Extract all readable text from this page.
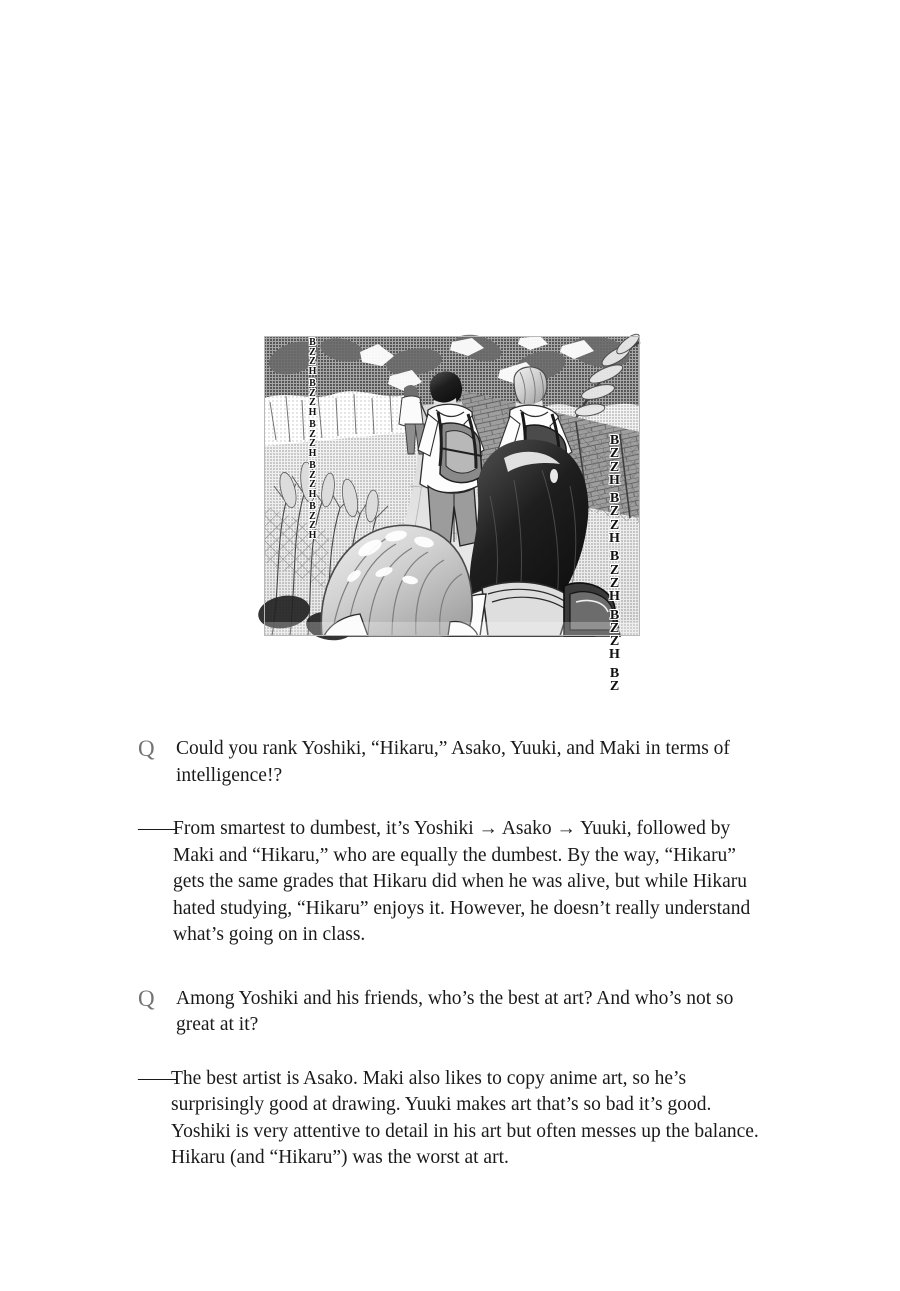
B
Z
Z
H
B
Z
Z
H
B
Z
Z
H
B
Z
Z
H
B
Z
Z
H
B
Z
Z
H
B
Z
Z
H
B
Z
Z
H
B
Z
Z
H
B
Z
Q	Could you rank Yoshiki, “Hikaru,” Asako, Yuuki, and Maki in terms of intelligence!?
——
From smartest to dumbest, it’s Yoshiki → Asako → Yuuki, followed by Maki and “Hikaru,” who are equally the dumbest. By the way, “Hikaru” gets the same grades that Hikaru did when he was alive, but while Hikaru hated studying, “Hikaru” enjoys it. However, he doesn’t really understand what’s going on in class.
Q	Among Yoshiki and his friends, who’s the best at art? And who’s not so great at it?
——
The best artist is Asako. Maki also likes to copy anime art, so he’s surprisingly good at drawing. Yuuki makes art that’s so bad it’s good. Yoshiki is very attentive to detail in his art but often messes up the balance. Hikaru (and “Hikaru”) was the worst at art.
